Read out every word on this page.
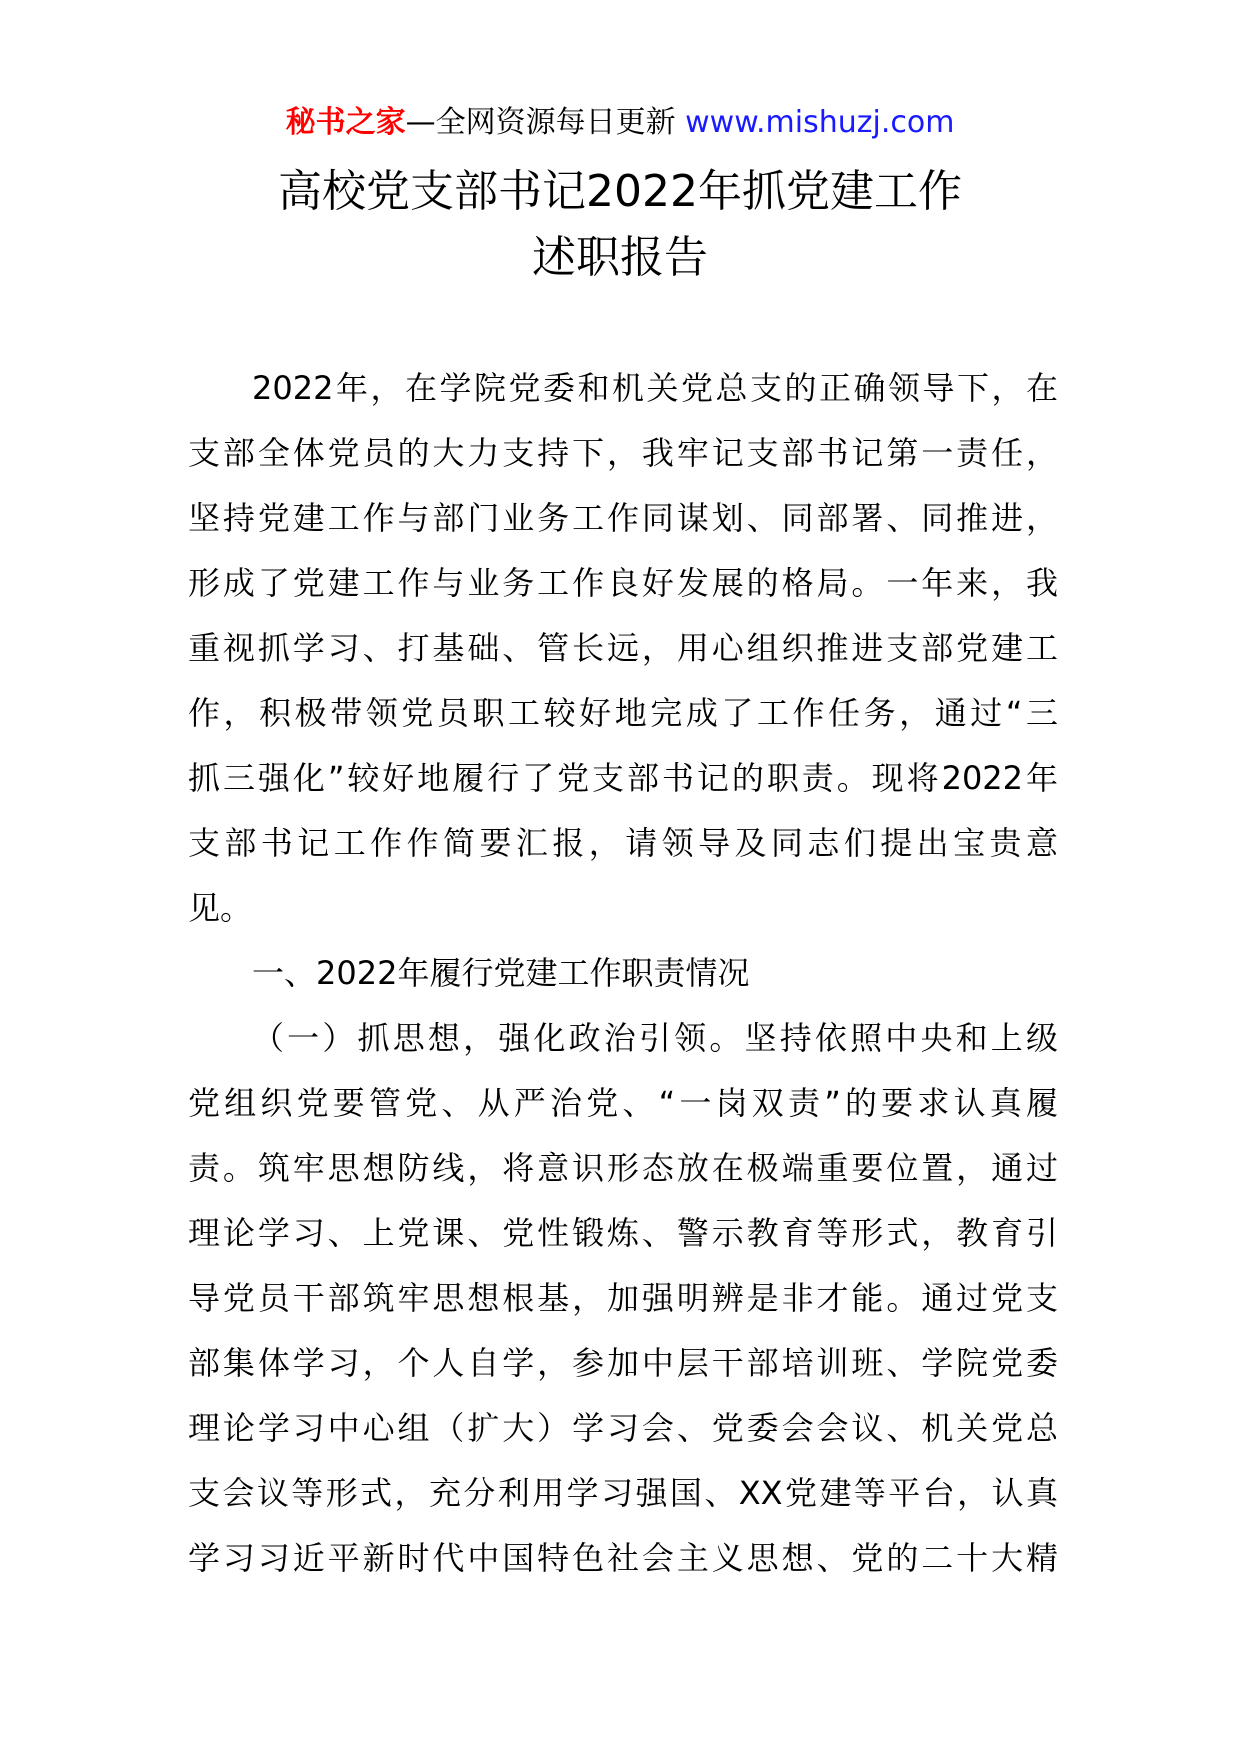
秘书之家—全网资源每日更新 www.mishuzj.com
高校党支部书记2022年抓党建工作
述职报告
2022年，在学院党委和机关党总支的正确领导下，在
支部全体党员的大力支持下，我牢记支部书记第一责任，
坚持党建工作与部门业务工作同谋划、同部署、同推进，
形成了党建工作与业务工作良好发展的格局。一年来，我
重视抓学习、打基础、管长远，用心组织推进支部党建工
作，积极带领党员职工较好地完成了工作任务，通过“三
抓三强化”较好地履行了党支部书记的职责。现将2022年
支部书记工作作简要汇报，请领导及同志们提出宝贵意
见。
一、2022年履行党建工作职责情况
（一）抓思想，强化政治引领。坚持依照中央和上级
党组织党要管党、从严治党、“一岗双责”的要求认真履
责。筑牢思想防线，将意识形态放在极端重要位置，通过
理论学习、上党课、党性锻炼、警示教育等形式，教育引
导党员干部筑牢思想根基，加强明辨是非才能。通过党支
部集体学习，个人自学，参加中层干部培训班、学院党委
理论学习中心组（扩大）学习会、党委会会议、机关党总
支会议等形式，充分利用学习强国、XX党建等平台，认真
学习习近平新时代中国特色社会主义思想、党的二十大精
